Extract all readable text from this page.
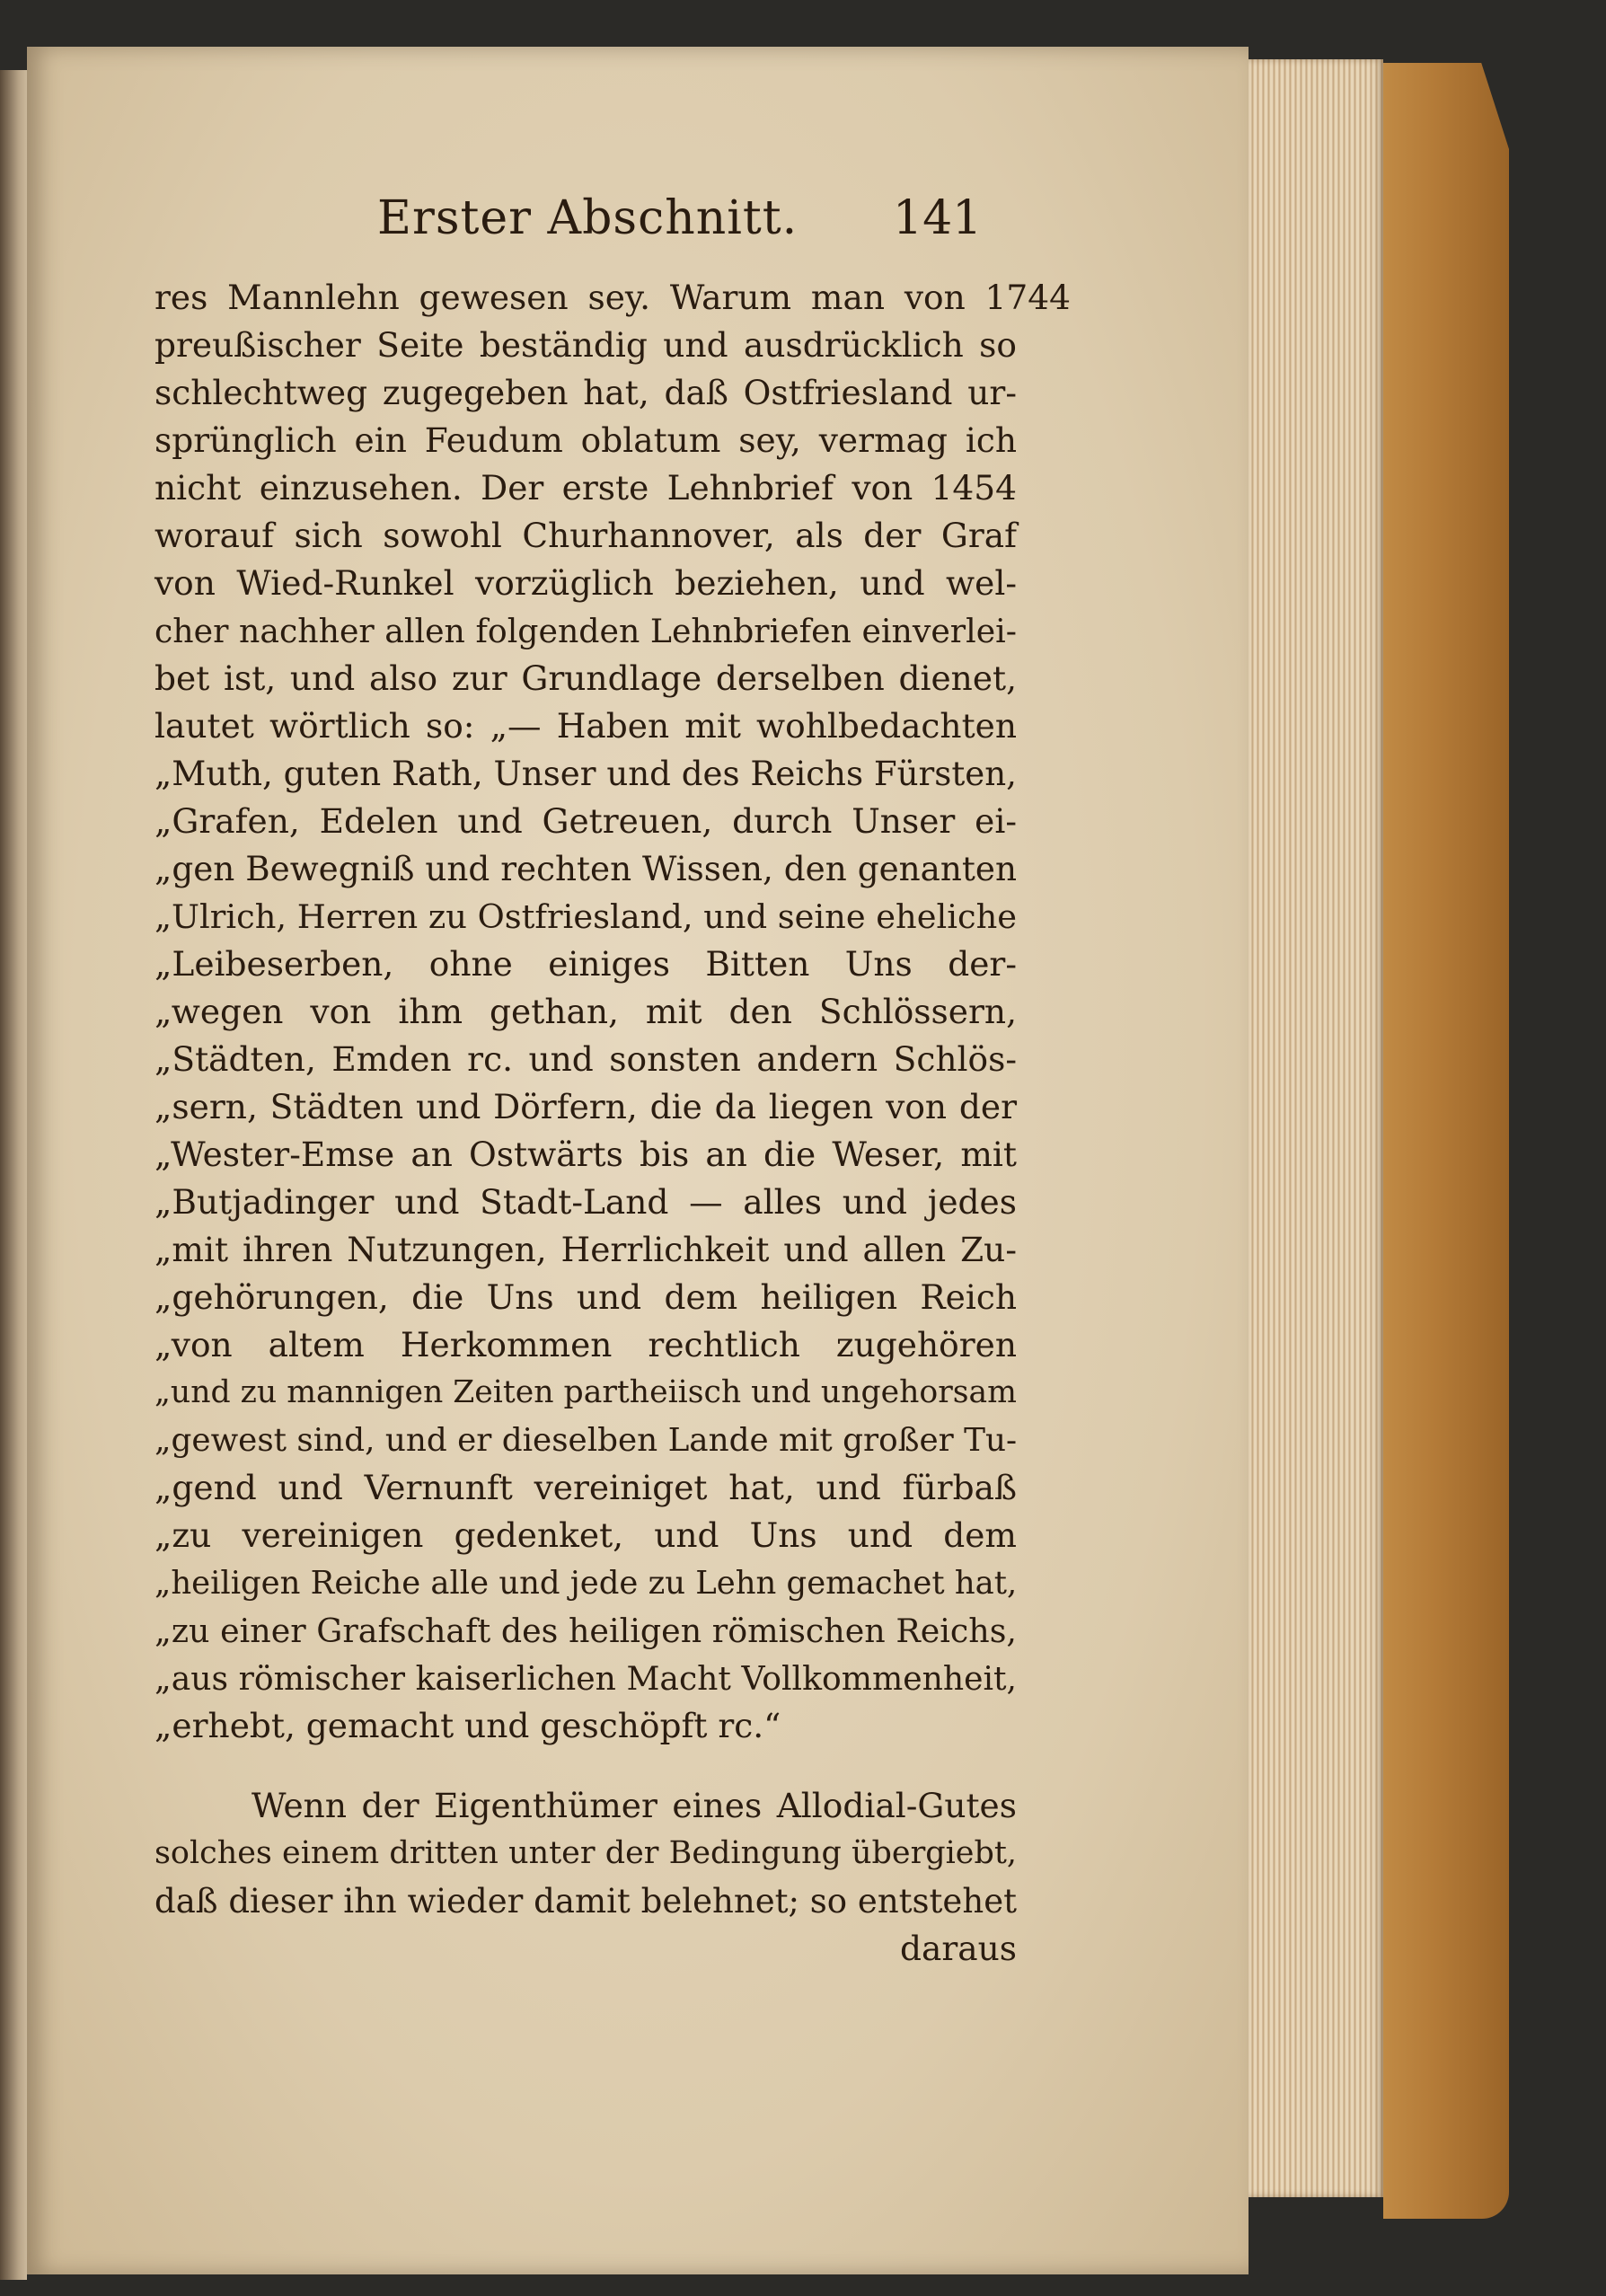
Erster Abschnitt. 141
res Mannlehn gewesen sey. Warum man von 1744
preußischer Seite beständig und ausdrücklich so
schlechtweg zugegeben hat, daß Ostfriesland ur-
sprünglich ein Feudum oblatum sey, vermag ich
nicht einzusehen. Der erste Lehnbrief von 1454
worauf sich sowohl Churhannover, als der Graf
von Wied-Runkel vorzüglich beziehen, und wel-
cher nachher allen folgenden Lehnbriefen einverlei-
bet ist, und also zur Grundlage derselben dienet,
lautet wörtlich so: „— Haben mit wohlbedachten
„Muth, guten Rath, Unser und des Reichs Fürsten,
„Grafen, Edelen und Getreuen, durch Unser ei-
„gen Bewegniß und rechten Wissen, den genanten
„Ulrich, Herren zu Ostfriesland, und seine eheliche
„Leibeserben, ohne einiges Bitten Uns der-
„wegen von ihm gethan, mit den Schlössern,
„Städten, Emden rc. und sonsten andern Schlös-
„sern, Städten und Dörfern, die da liegen von der
„Wester-Emse an Ostwärts bis an die Weser, mit
„Butjadinger und Stadt-Land — alles und jedes
„mit ihren Nutzungen, Herrlichkeit und allen Zu-
„gehörungen, die Uns und dem heiligen Reich
„von altem Herkommen rechtlich zugehören
„und zu mannigen Zeiten partheiisch und ungehorsam
„gewest sind, und er dieselben Lande mit großer Tu-
„gend und Vernunft vereiniget hat, und fürbaß
„zu vereinigen gedenket, und Uns und dem
„heiligen Reiche alle und jede zu Lehn gemachet hat,
„zu einer Grafschaft des heiligen römischen Reichs,
„aus römischer kaiserlichen Macht Vollkommenheit,
„erhebt, gemacht und geschöpft rc.“
Wenn der Eigenthümer eines Allodial-Gutes
solches einem dritten unter der Bedingung übergiebt,
daß dieser ihn wieder damit belehnet; so entstehet
daraus
